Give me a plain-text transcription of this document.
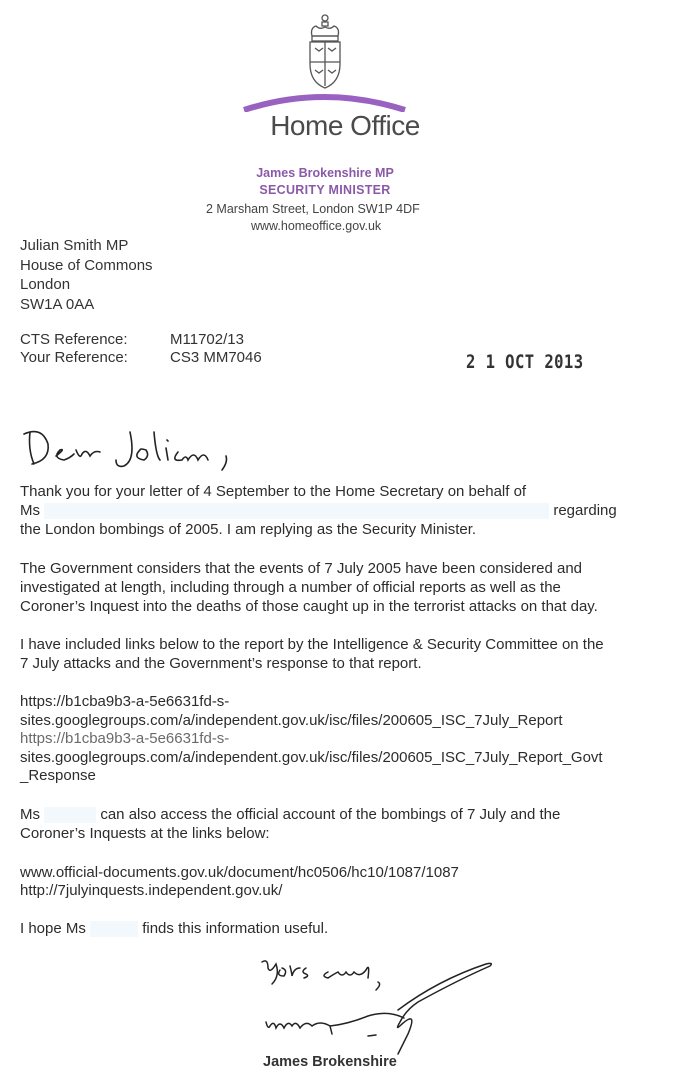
Home Office
James Brokenshire MP
SECURITY MINISTER
2 Marsham Street, London SW1P 4DF
www.homeoffice.gov.uk
Julian Smith MP
House of Commons
London
SW1A 0AA
CTS Reference:	M11702/13
Your Reference:	CS3 MM7046	2 1 OCT 2013
Thank you for your letter of 4 September to the Home Secretary on behalf of
Ms	regarding
the London bombings of 2005. I am replying as the Security Minister.
The Government considers that the events of 7 July 2005 have been considered and
investigated at length, including through a number of official reports as well as the
Coroner’s Inquest into the deaths of those caught up in the terrorist attacks on that day.
I have included links below to the report by the Intelligence & Security Committee on the
7 July attacks and the Government’s response to that report.
https://b1cba9b3-a-5e6631fd-s-
sites.googlegroups.com/a/independent.gov.uk/isc/files/200605_ISC_7July_Report
https://b1cba9b3-a-5e6631fd-s-
sites.googlegroups.com/a/independent.gov.uk/isc/files/200605_ISC_7July_Report_Govt
_Response
Ms	can also access the official account of the bombings of 7 July and the
Coroner’s Inquests at the links below:
www.official-documents.gov.uk/document/hc0506/hc10/1087/1087
http://7julyinquests.independent.gov.uk/
I hope Ms	finds this information useful.
James Brokenshire
